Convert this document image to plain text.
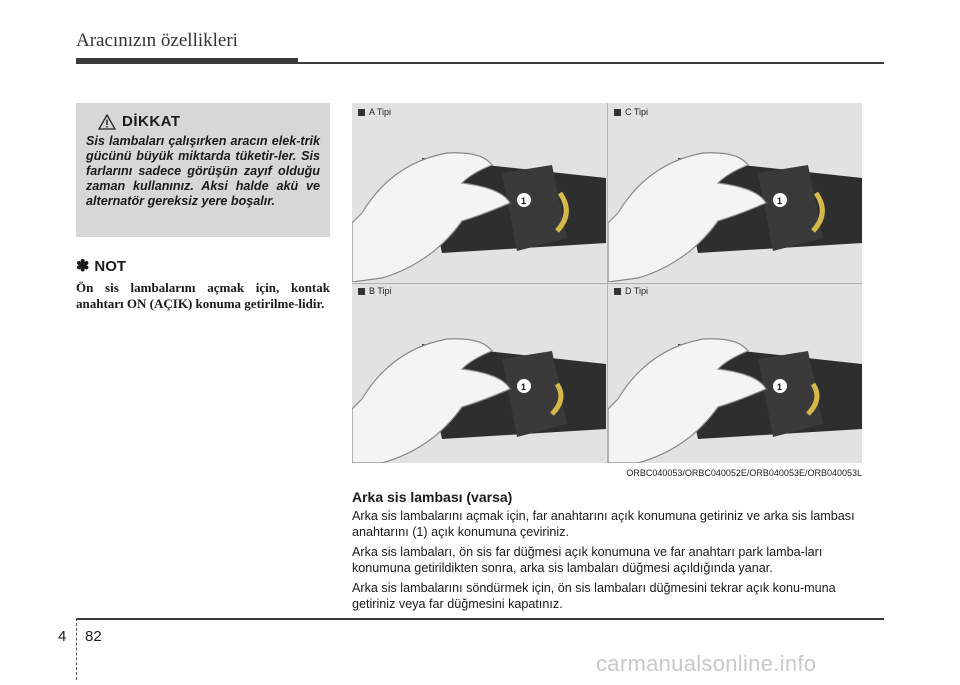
Aracınızın özellikleri
DİKKAT
Sis lambaları çalışırken aracın elek-trik gücünü büyük miktarda tüketir-ler. Sis farlarını sadece görüşün zayıf olduğu zaman kullanınız. Aksi halde akü ve alternatör gereksiz yere boşalır.
✽ NOT
Ön sis lambalarını açmak için, kontak anahtarı ON (AÇIK) konuma getirilme-lidir.
1	1
1	1
A Tipi	C Tipi
B Tipi	D Tipi
ORBC040053/ORBC040052E/ORB040053E/ORB040053L
Arka sis lambası (varsa)
Arka sis lambalarını açmak için, far anahtarını açık konumuna getiriniz ve arka sis lambası anahtarını (1) açık konumuna çeviriniz.
Arka sis lambaları, ön sis far düğmesi açık konumuna ve far anahtarı park lamba-ları konumuna getirildikten sonra, arka sis lambaları düğmesi açıldığında yanar.
Arka sis lambalarını söndürmek için, ön sis lambaları düğmesini tekrar açık konu-muna getiriniz veya far düğmesini kapatınız.
4 82
carmanualsonline.info
